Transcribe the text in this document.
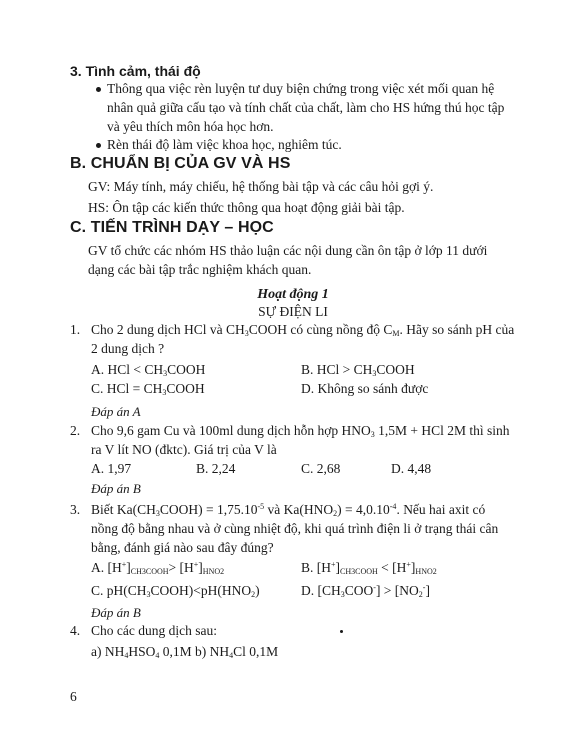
3. Tình cảm, thái độ
Thông qua việc rèn luyện tư duy biện chứng trong việc xét mối quan hệ
nhân quả giữa cấu tạo và tính chất của chất, làm cho HS hứng thú học tập
và yêu thích môn hóa học hơn.
Rèn thái độ làm việc khoa học, nghiêm túc.
B. CHUẨN BỊ CỦA GV VÀ HS
GV: Máy tính, máy chiếu, hệ thống bài tập và các câu hỏi gợi ý.
HS: Ôn tập các kiến thức thông qua hoạt động giải bài tập.
C. TIẾN TRÌNH DẠY – HỌC
GV tổ chức các nhóm HS thảo luận các nội dung cần ôn tập ở lớp 11 dưới
dạng các bài tập trắc nghiệm khách quan.
Hoạt động 1
SỰ ĐIỆN LI
1. Cho 2 dung dịch HCl và $CH_3COOH$ có cùng nồng độ $C_M$. Hãy so sánh pH của
2 dung dịch ?
A. HCl < $CH_3COOH$	B. HCl > $CH_3COOH$
C. HCl = $CH_3COOH$	D. Không so sánh được
Đáp án A
2. Cho 9,6 gam Cu và 100ml dung dịch hỗn hợp $HNO_3$ 1,5M + HCl 2M thì sinh
ra V lít NO (đktc). Giá trị của V là
A. 1,97	B. 2,24	C. 2,68	D. 4,48
Đáp án B
3. Biết $Ka(CH_3COOH) = 1,75.10^{-5}$ và $Ka(HNO_2) = 4,0.10^{-4}$. Nếu hai axit có
nồng độ bằng nhau và ở cùng nhiệt độ, khi quá trình điện li ở trạng thái cân
bằng, đánh giá nào sau đây đúng?
A. $[H^+]_{CH3COOH}> [H^+]_{HNO2}$	B. $[H^+]_{CH3COOH} < [H^+]_{HNO2}$
C. $pH(CH_3COOH)<pH(HNO_2)$	D. $[CH_3COO^-] > [NO_2^-]$
Đáp án B
4. Cho các dung dịch sau:
a) $NH_4HSO_4$ 0,1M b) $NH_4Cl$ 0,1M
6
